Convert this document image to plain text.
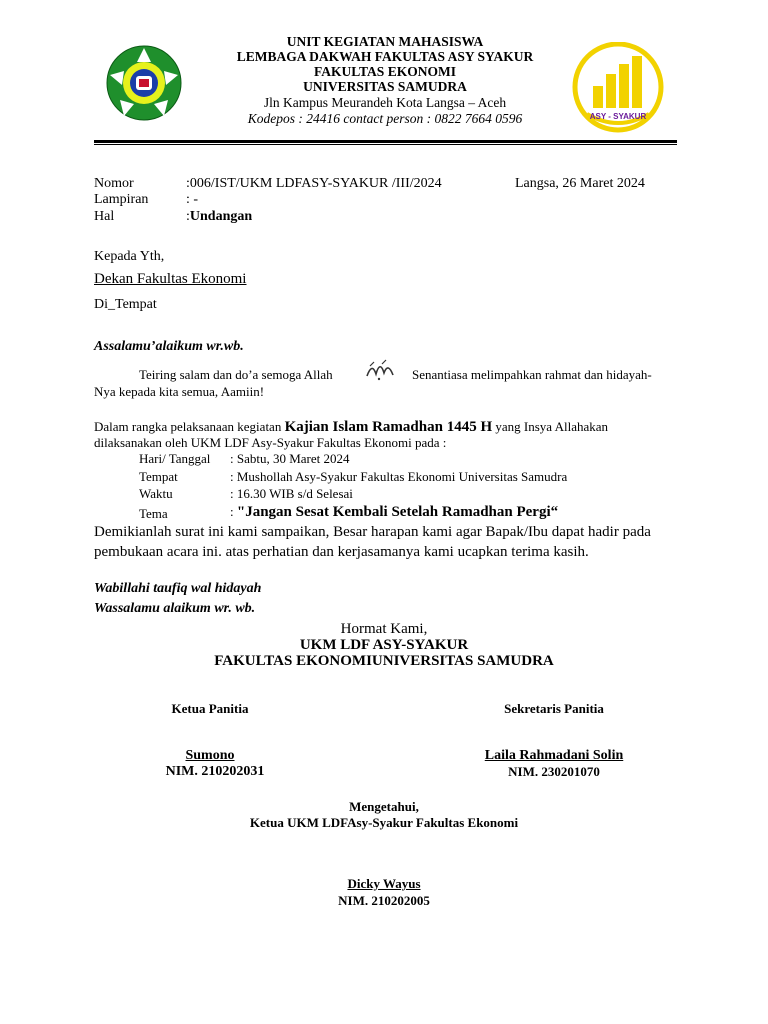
ASY - SYAKUR
UNIT KEGIATAN MAHASISWA
LEMBAGA DAKWAH FAKULTAS ASY SYAKUR
FAKULTAS EKONOMI
UNIVERSITAS SAMUDRA
Jln Kampus Meurandeh Kota Langsa – Aceh
Kodepos : 24416 contact person : 0822 7664 0596
Nomor	:006/IST/UKM LDFASY-SYAKUR /III/2024	Langsa, 26 Maret 2024
Lampiran	: -
Hal	:Undangan
Kepada Yth,
Dekan Fakultas Ekonomi
Di_Tempat
Assalamu’alaikum wr.wb.
Teiring salam dan do’a semoga Allah	Senantiasa melimpahkan rahmat dan hidayah-
Nya kepada kita semua, Aamiin!
Dalam rangka pelaksanaan kegiatan Kajian Islam Ramadhan 1445 H yang Insya Allahakan
dilaksanakan oleh UKM LDF Asy-Syakur Fakultas Ekonomi pada :
Hari/ Tanggal : Sabtu, 30 Maret 2024
Tempat	: Mushollah Asy-Syakur Fakultas Ekonomi Universitas Samudra
Waktu	: 16.30 WIB s/d Selesai
Tema	: "Jangan Sesat Kembali Setelah Ramadhan Pergi“
Demikianlah surat ini kami sampaikan, Besar harapan kami agar Bapak/Ibu dapat hadir pada
pembukaan acara ini. atas perhatian dan kerjasamanya kami ucapkan terima kasih.
Wabillahi taufiq wal hidayah
Wassalamu alaikum wr. wb.
Hormat Kami,
UKM LDF ASY-SYAKUR
FAKULTAS EKONOMIUNIVERSITAS SAMUDRA
Ketua Panitia
Sumono
NIM. 210202031
Sekretaris Panitia
Laila Rahmadani Solin
NIM. 230201070
Mengetahui,
Ketua UKM LDFAsy-Syakur Fakultas Ekonomi
Dicky Wayus
NIM. 210202005
